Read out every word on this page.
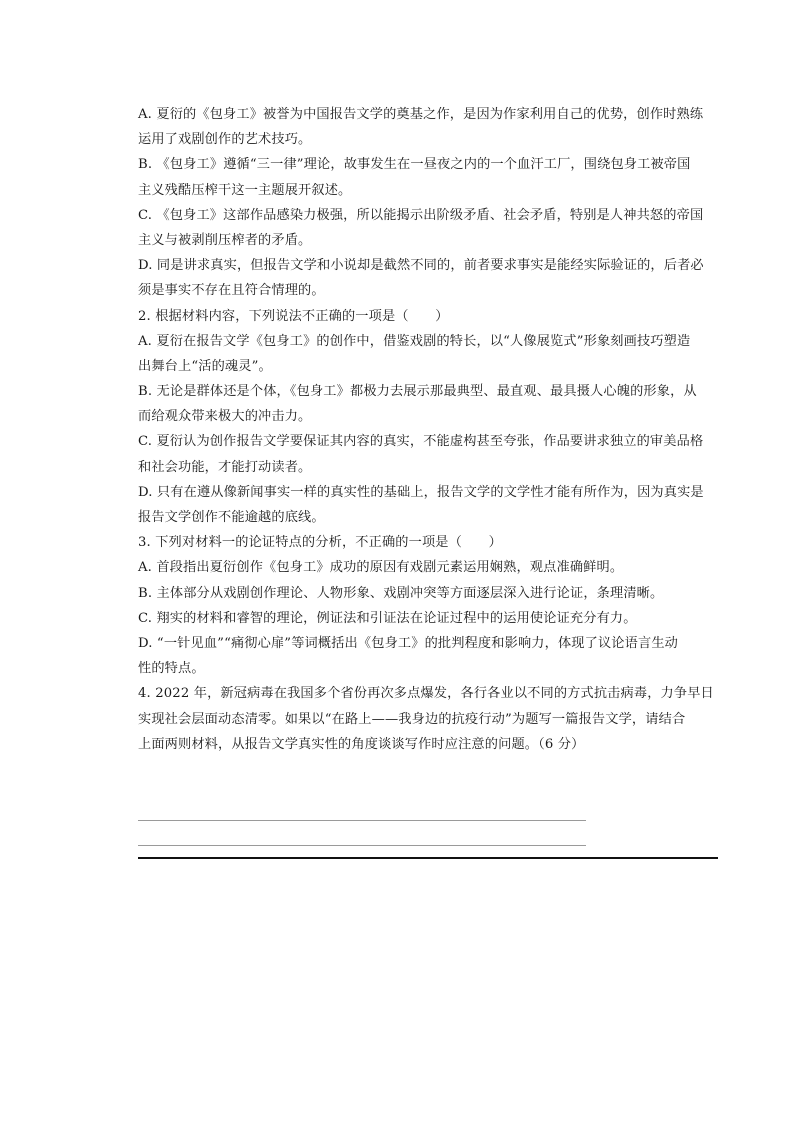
A. 夏衍的《包身工》被誉为中国报告文学的奠基之作，是因为作家利用自己的优势，创作时熟练
运用了戏剧创作的艺术技巧。
B. 《包身工》遵循“三一律”理论，故事发生在一昼夜之内的一个血汗工厂，围绕包身工被帝国
主义残酷压榨干这一主题展开叙述。
C. 《包身工》这部作品感染力极强，所以能揭示出阶级矛盾、社会矛盾，特别是人神共怒的帝国
主义与被剥削压榨者的矛盾。
D. 同是讲求真实，但报告文学和小说却是截然不同的，前者要求事实是能经实际验证的，后者必
须是事实不存在且符合情理的。
2. 根据材料内容，下列说法不正确的一项是（　　）
A. 夏衍在报告文学《包身工》的创作中，借鉴戏剧的特长，以“人像展览式”形象刻画技巧塑造
出舞台上“活的魂灵”。
B. 无论是群体还是个体，《包身工》都极力去展示那最典型、最直观、最具摄人心魄的形象，从
而给观众带来极大的冲击力。
C. 夏衍认为创作报告文学要保证其内容的真实，不能虚构甚至夸张，作品要讲求独立的审美品格
和社会功能，才能打动读者。
D. 只有在遵从像新闻事实一样的真实性的基础上，报告文学的文学性才能有所作为，因为真实是
报告文学创作不能逾越的底线。
3. 下列对材料一的论证特点的分析，不正确的一项是（　　）
A. 首段指出夏衍创作《包身工》成功的原因有戏剧元素运用娴熟，观点准确鲜明。
B. 主体部分从戏剧创作理论、人物形象、戏剧冲突等方面逐层深入进行论证，条理清晰。
C. 翔实的材料和睿智的理论，例证法和引证法在论证过程中的运用使论证充分有力。
D. “一针见血”“痛彻心扉”等词概括出《包身工》的批判程度和影响力，体现了议论语言生动
性的特点。
4. 2022 年，新冠病毒在我国多个省份再次多点爆发，各行各业以不同的方式抗击病毒，力争早日
实现社会层面动态清零。如果以“在路上——我身边的抗疫行动”为题写一篇报告文学，请结合
上面两则材料，从报告文学真实性的角度谈谈写作时应注意的问题。（6 分）
